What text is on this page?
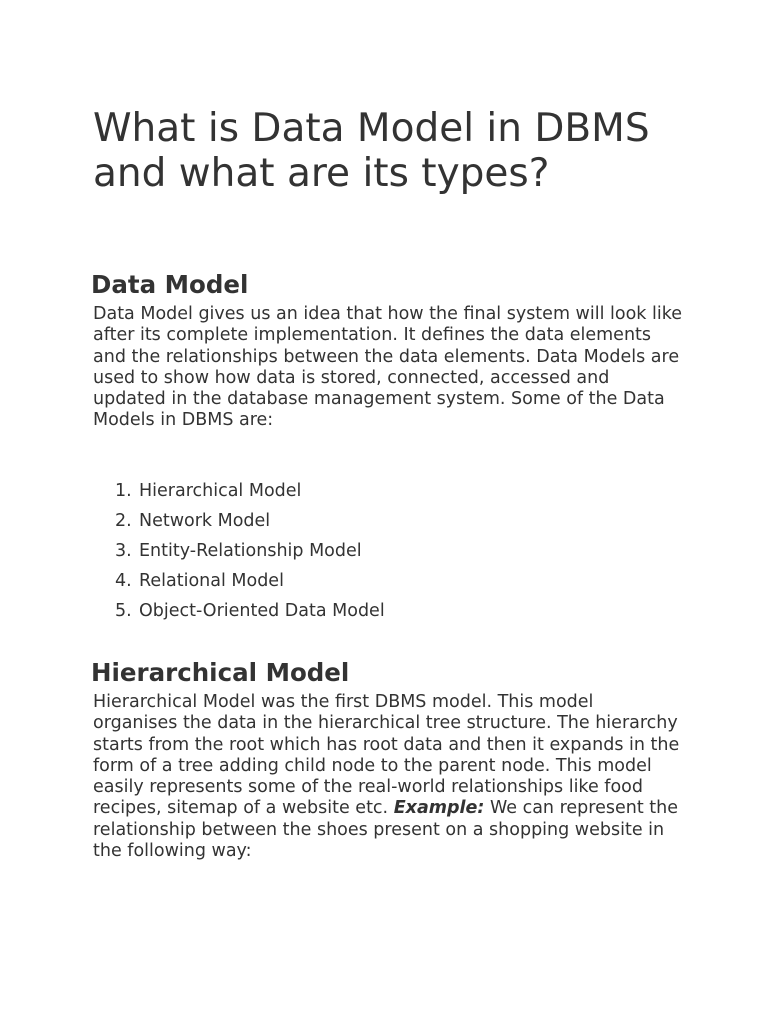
What is Data Model in DBMS and what are its types?
Data Model

Data Model gives us an idea that how the final system will look like after its complete implementation. It defines the data elements and the relationships between the data elements. Data Models are used to show how data is stored, connected, accessed and updated in the database management system. Some of the Data Models in DBMS are:

1. Hierarchical Model
2. Network Model
3. Entity-Relationship Model
4. Relational Model
5. Object-Oriented Data Model
Hierarchical Model

Hierarchical Model was the first DBMS model. This model organises the data in the hierarchical tree structure. The hierarchy starts from the root which has root data and then it expands in the form of a tree adding child node to the parent node. This model easily represents some of the real-world relationships like food recipes, sitemap of a website etc. Example: We can represent the relationship between the shoes present on a shopping website in the following way:
